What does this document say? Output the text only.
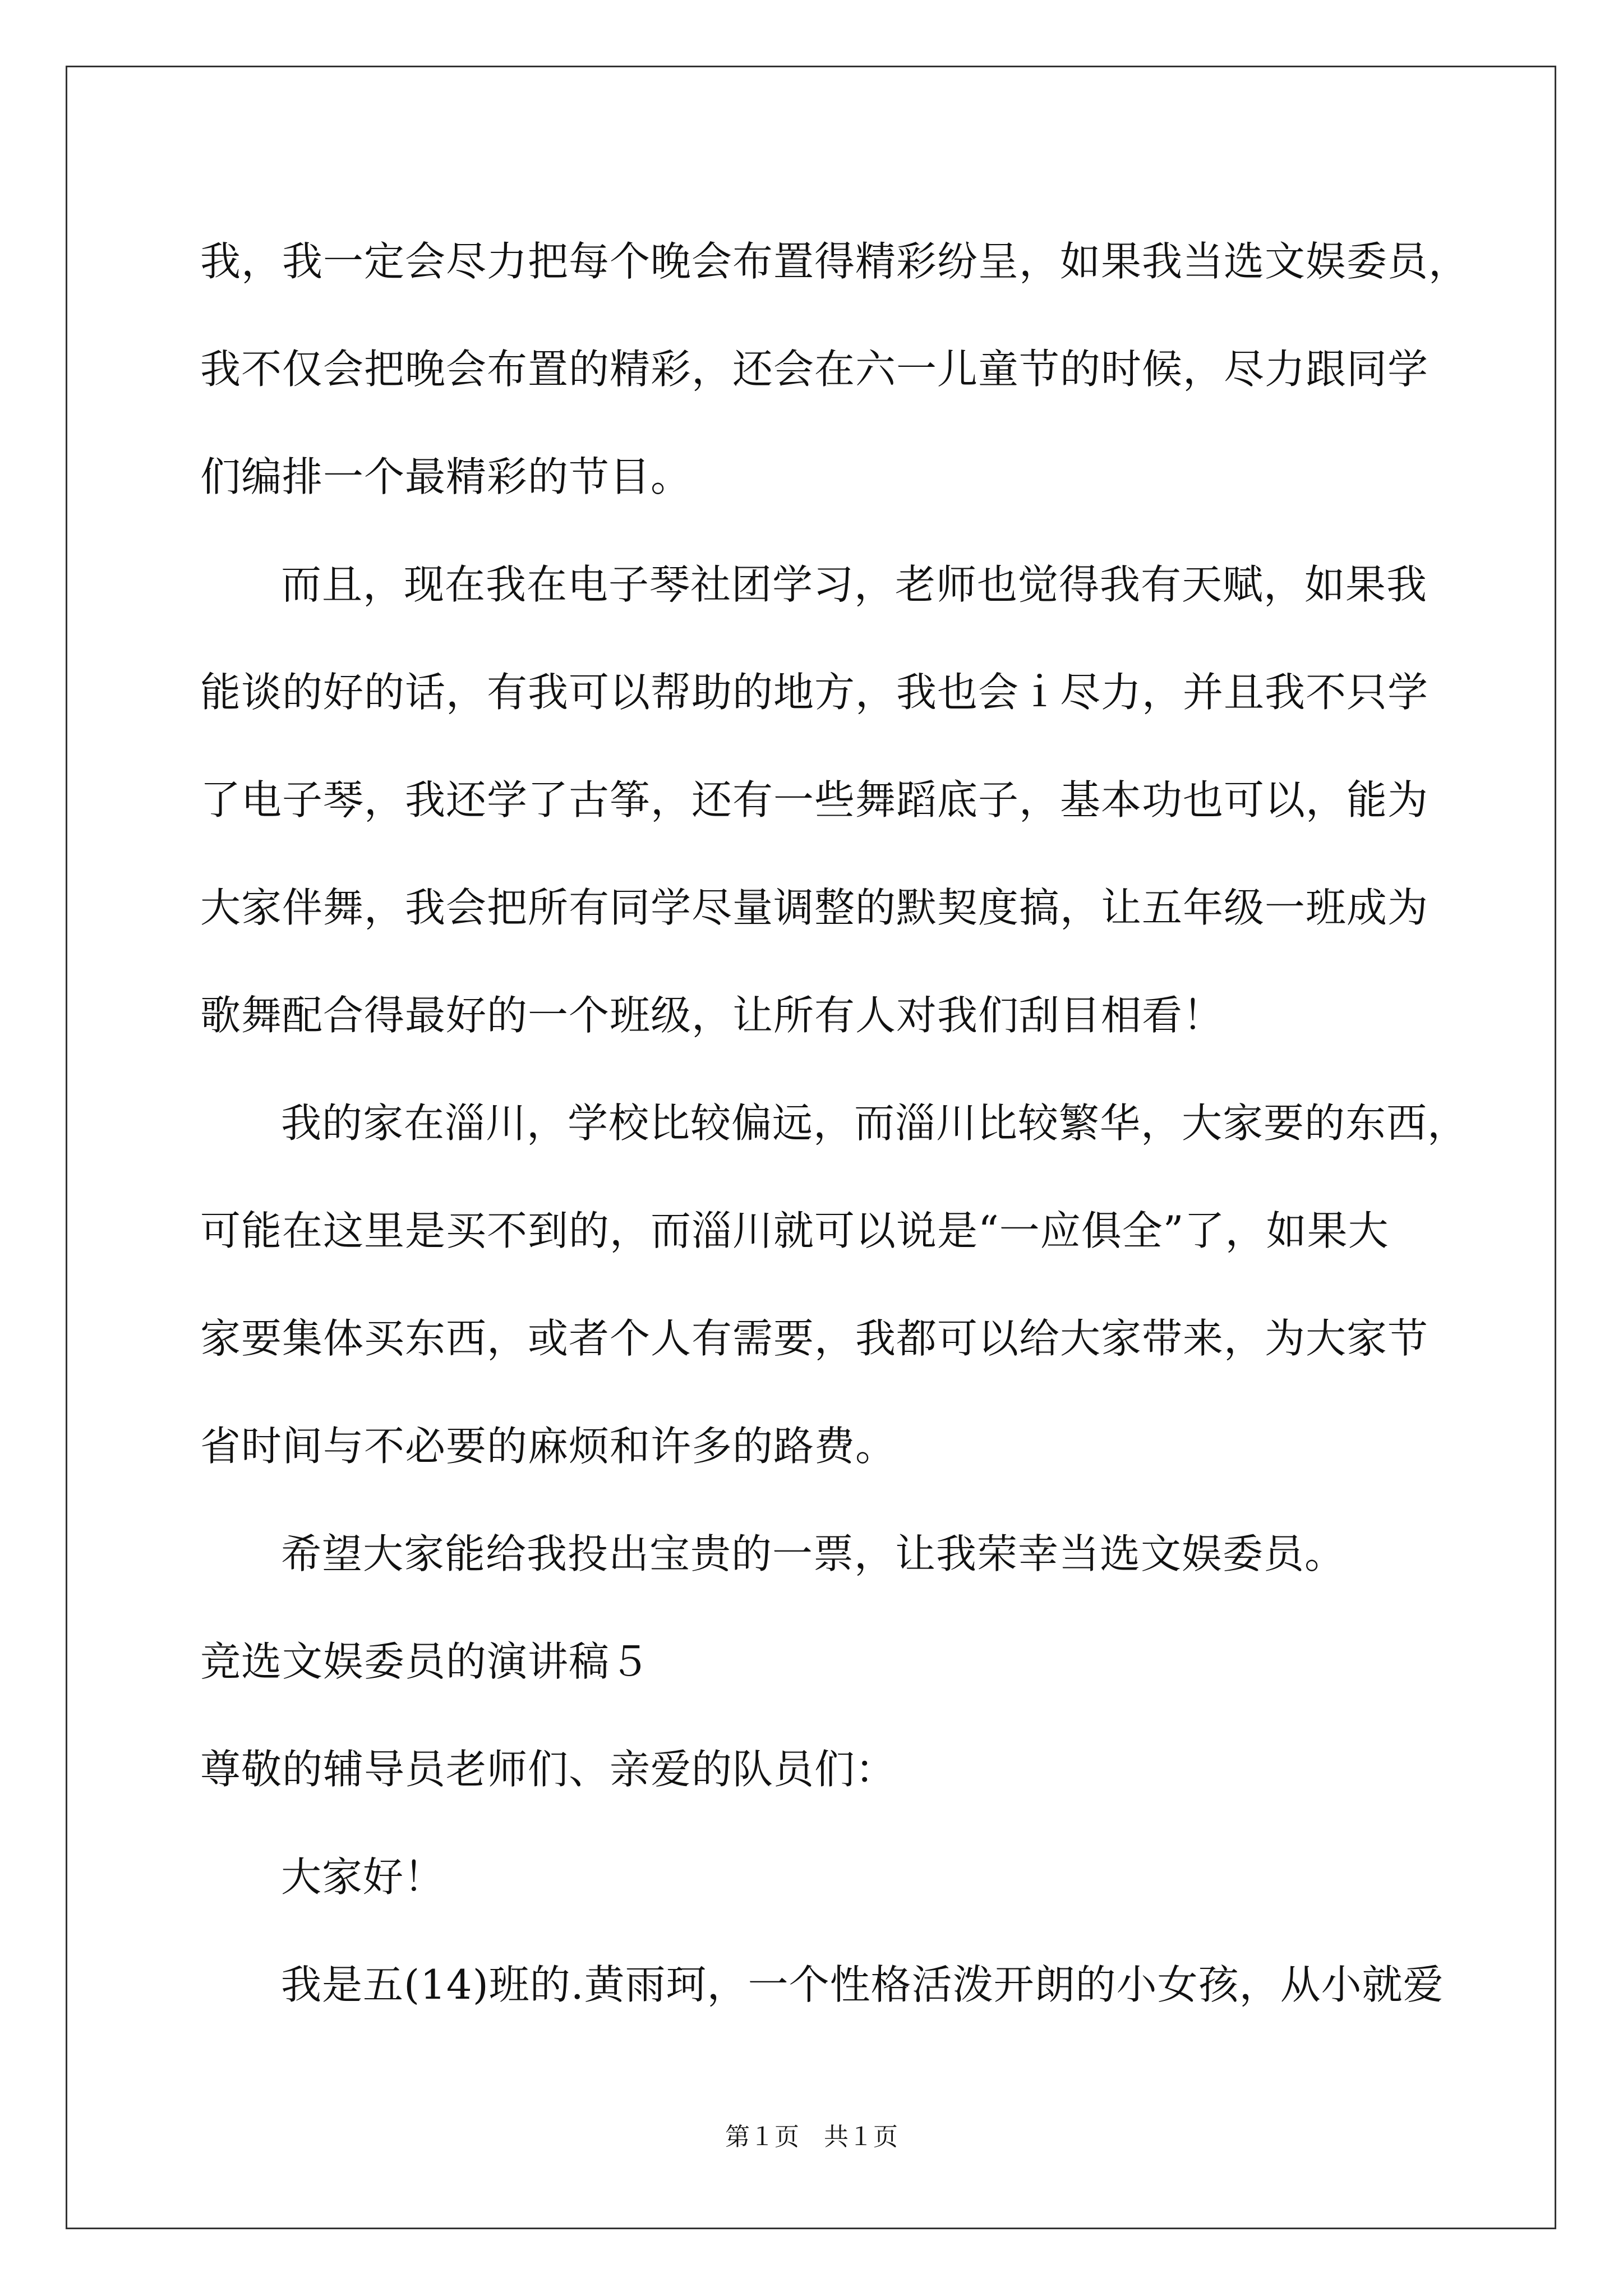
我，我一定会尽力把每个晚会布置得精彩纷呈，如果我当选文娱委员，
我不仅会把晚会布置的精彩，还会在六一儿童节的时候，尽力跟同学
们编排一个最精彩的节目。
而且，现在我在电子琴社团学习，老师也觉得我有天赋，如果我
能谈的好的话，有我可以帮助的地方，我也会ｉ尽力，并且我不只学
了电子琴，我还学了古筝，还有一些舞蹈底子，基本功也可以，能为
大家伴舞，我会把所有同学尽量调整的默契度搞，让五年级一班成为
歌舞配合得最好的一个班级，让所有人对我们刮目相看！
我的家在淄川，学校比较偏远，而淄川比较繁华，大家要的东西，
可能在这里是买不到的，而淄川就可以说是“一应俱全”了，如果大
家要集体买东西，或者个人有需要，我都可以给大家带来，为大家节
省时间与不必要的麻烦和许多的路费。
希望大家能给我投出宝贵的一票，让我荣幸当选文娱委员。
竞选文娱委员的演讲稿５
尊敬的辅导员老师们、亲爱的队员们：
大家好！
我是五(14)班的.黄雨珂，一个性格活泼开朗的小女孩，从小就爱
第１页　共１页
